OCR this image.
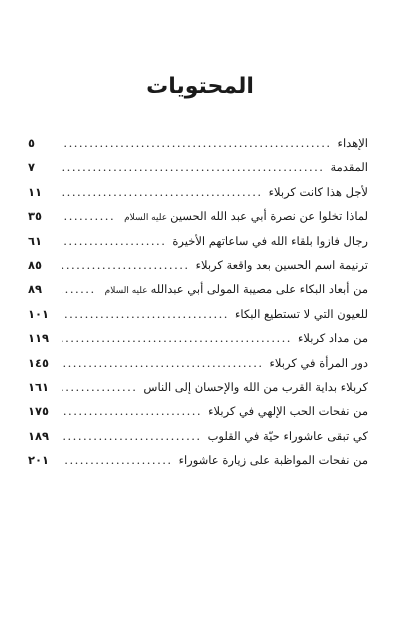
المحتويات
الإهداء
.....
٥
المقدمة
.....
٧
لأجل هذا كانت كربلاء
.....
١١
لماذا تخلوا عن نصرة أبي عبد الله الحسينعليه السلام
.....
٣٥
رجال فازوا بلقاء الله في ساعاتهم الأخيرة
.....
٦١
ترنيمة اسم الحسين بعد واقعة كربلاء
.....
٨٥
من أبعاد البكاء على مصيبة المولى أبي عبداللهعليه السلام
.....
٨٩
للعيون التي لا تستطيع البكاء
.....
١٠١
من مداد كربلاء
.....
١١٩
دور المرأة في كربلاء
.....
١٤٥
كربلاء بداية القرب من الله والإحسان إلى الناس
.....
١٦١
من نفحات الحب الإلهي في كربلاء
.....
١٧٥
كي تبقى عاشوراء حيّة في القلوب
.....
١٨٩
من نفحات المواظبة على زيارة عاشوراء
.....
٢٠١
